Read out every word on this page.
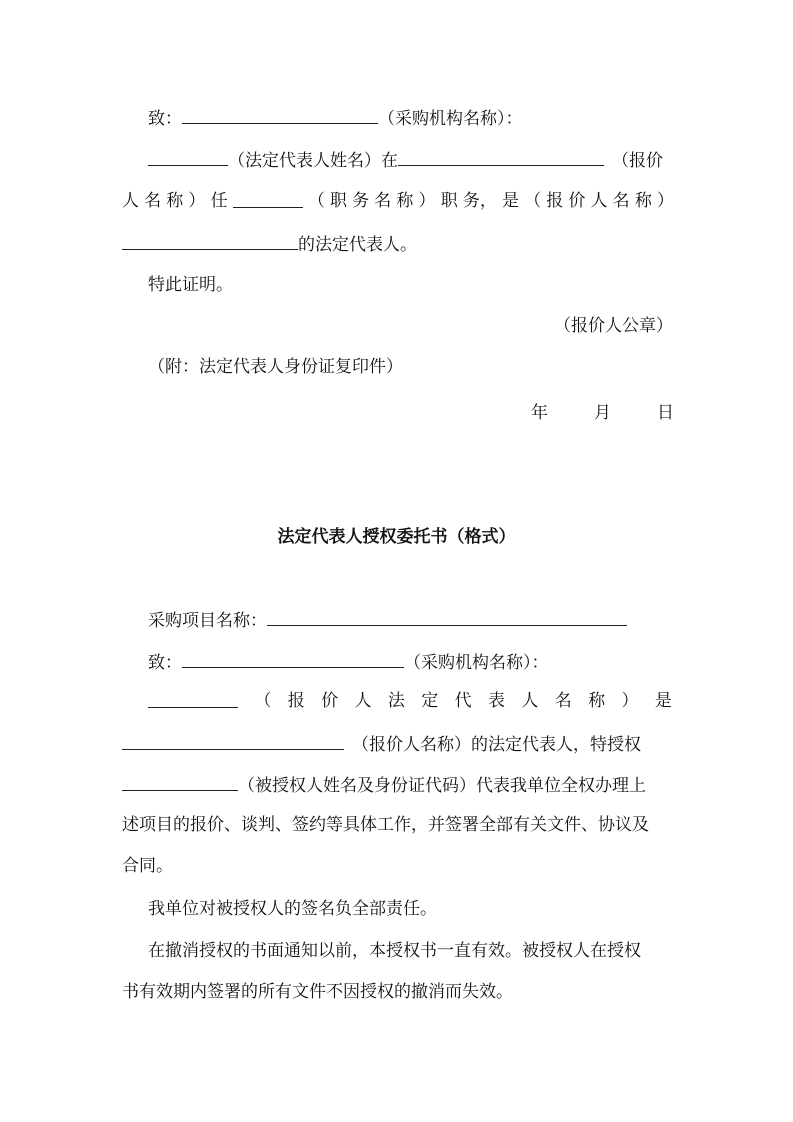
致：	（采购机构名称）：
（法定代表人姓名）在	（报价
人 名 称 ） 任	（ 职 务 名 称 ） 职 务， 是 （ 报 价 人 名 称 ）
的法定代表人。
特此证明。
（报价人公章）
（附：法定代表人身份证复印件）
年	月	日
法定代表人授权委托书（格式）
采购项目名称：
致：	（采购机构名称）：
（ 报 价 人 法 定 代 表 人 名 称 ） 是
（报价人名称）的法定代表人，特授权
（被授权人姓名及身份证代码）代表我单位全权办理上
述项目的报价、谈判、签约等具体工作，并签署全部有关文件、协议及
合同。
我单位对被授权人的签名负全部责任。
在撤消授权的书面通知以前，本授权书一直有效。被授权人在授权
书有效期内签署的所有文件不因授权的撤消而失效。
